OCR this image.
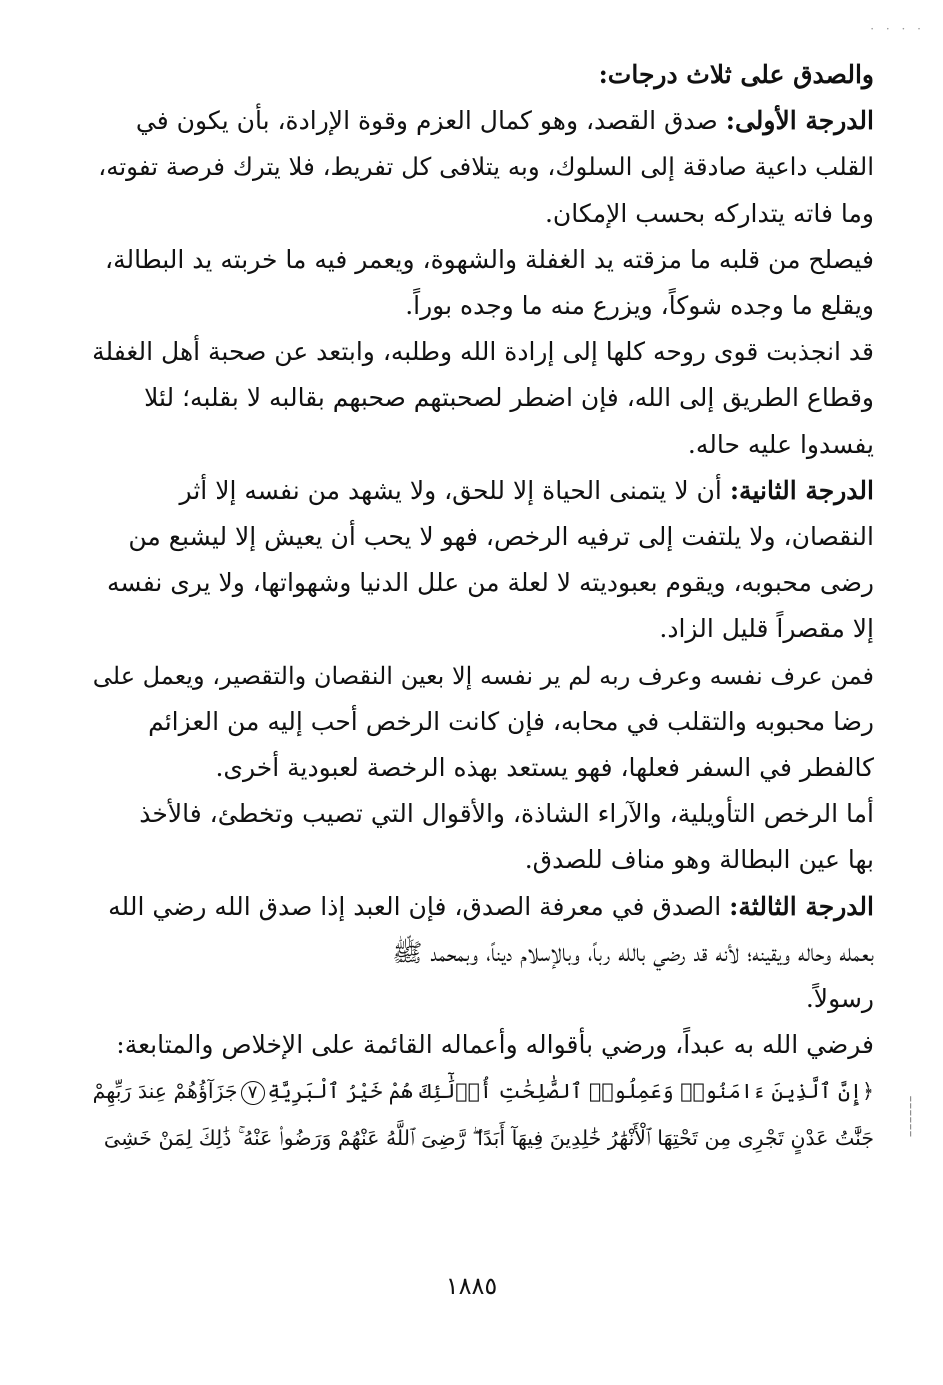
· · · ·
¦
¦
¦
والصدق على ثلاث درجات:
الدرجة الأولى: صدق القصد، وهو كمال العزم وقوة الإرادة، بأن يكون في
القلب داعية صادقة إلى السلوك، وبه يتلافى كل تفريط، فلا يترك فرصة تفوته،
وما فاته يتداركه بحسب الإمكان.
فيصلح من قلبه ما مزقته يد الغفلة والشهوة، ويعمر فيه ما خربته يد البطالة،
ويقلع ما وجده شوكاً، ويزرع منه ما وجده بوراً.
قد انجذبت قوى روحه كلها إلى إرادة الله وطلبه، وابتعد عن صحبة أهل الغفلة
وقطاع الطريق إلى الله، فإن اضطر لصحبتهم صحبهم بقالبه لا بقلبه؛ لئلا
يفسدوا عليه حاله.
الدرجة الثانية: أن لا يتمنى الحياة إلا للحق، ولا يشهد من نفسه إلا أثر
النقصان، ولا يلتفت إلى ترفيه الرخص، فهو لا يحب أن يعيش إلا ليشبع من
رضى محبوبه، ويقوم بعبوديته لا لعلة من علل الدنيا وشهواتها، ولا يرى نفسه
إلا مقصراً قليل الزاد.
فمن عرف نفسه وعرف ربه لم ير نفسه إلا بعين النقصان والتقصير، ويعمل على
رضا محبوبه والتقلب في محابه، فإن كانت الرخص أحب إليه من العزائم
كالفطر في السفر فعلها، فهو يستعد بهذه الرخصة لعبودية أخرى.
أما الرخص التأويلية، والآراء الشاذة، والأقوال التي تصيب وتخطئ، فالأخذ
بها عين البطالة وهو مناف للصدق.
الدرجة الثالثة: الصدق في معرفة الصدق، فإن العبد إذا صدق الله رضي الله
بعمله وحاله ويقينه؛ لأنه قد رضي بالله رباً، وبالإسلام ديناً، وبمحمد ﷺ
رسولاً.
فرضي الله به عبداً، ورضي بأقواله وأعماله القائمة على الإخلاص والمتابعة:
﴿إِنَّ ٱلَّذِينَ ءَامَنُوا۟ وَعَمِلُوا۟ ٱلصَّٰلِحَٰتِ أُو۟لَٰٓئِكَ هُمْ خَيْرُ ٱلْبَرِيَّةِ٧جَزَآؤُهُمْ عِندَ رَبِّهِمْ
جَنَّٰتُ عَدْنٍ تَجْرِى مِن تَحْتِهَا ٱلْأَنْهَٰرُ خَٰلِدِينَ فِيهَآ أَبَدًا ۖ رَّضِىَ ٱللَّهُ عَنْهُمْ وَرَضُوا۟ عَنْهُ ۚ ذَٰلِكَ لِمَنْ خَشِىَ
١٨٨٥
